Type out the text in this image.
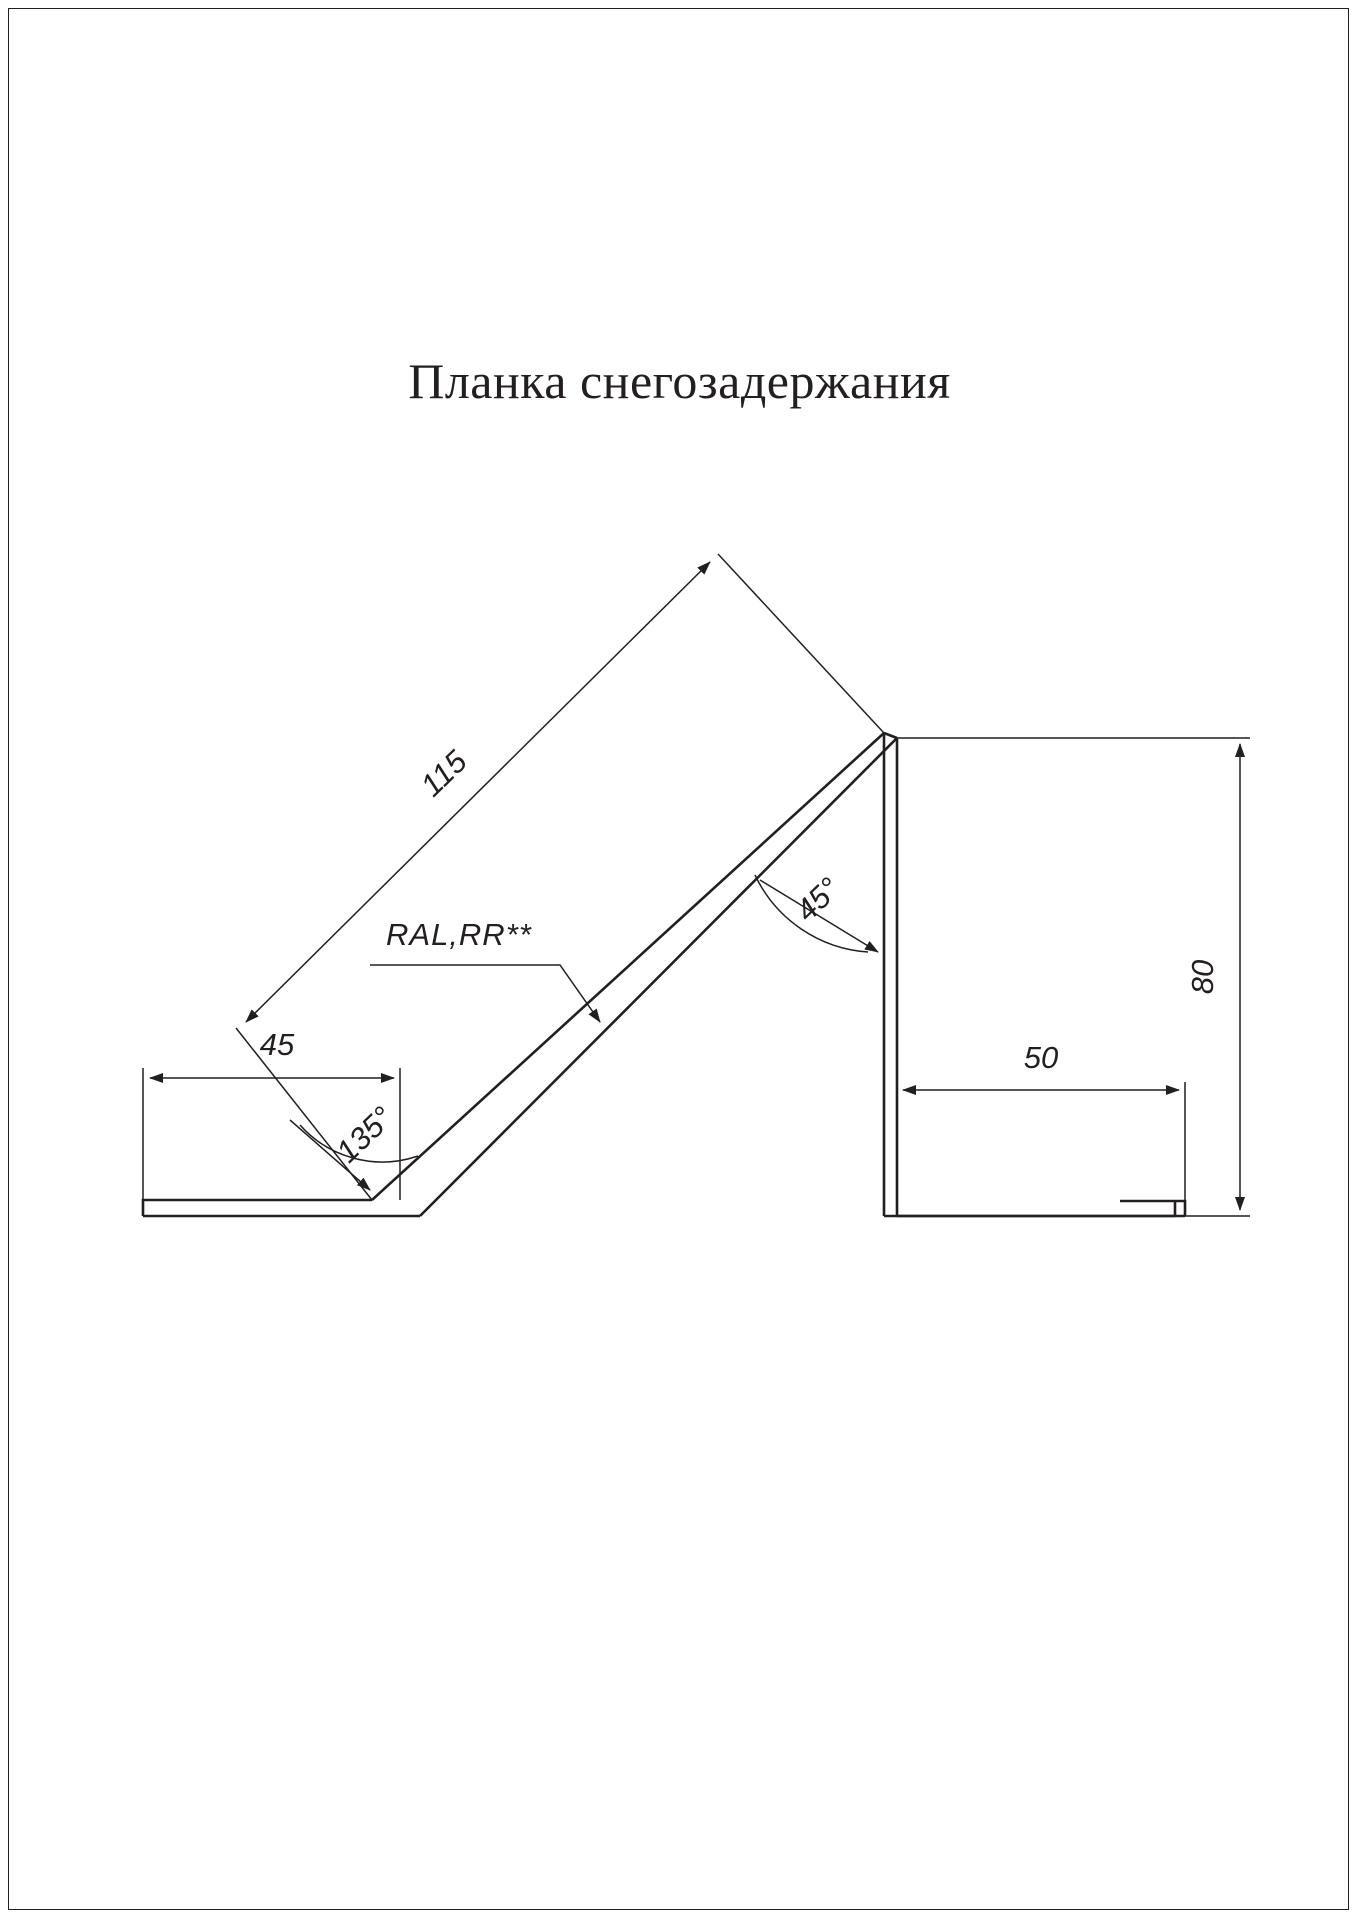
Планка снегозадержания
115
45
135°
45°
50
80
RAL,RR**
